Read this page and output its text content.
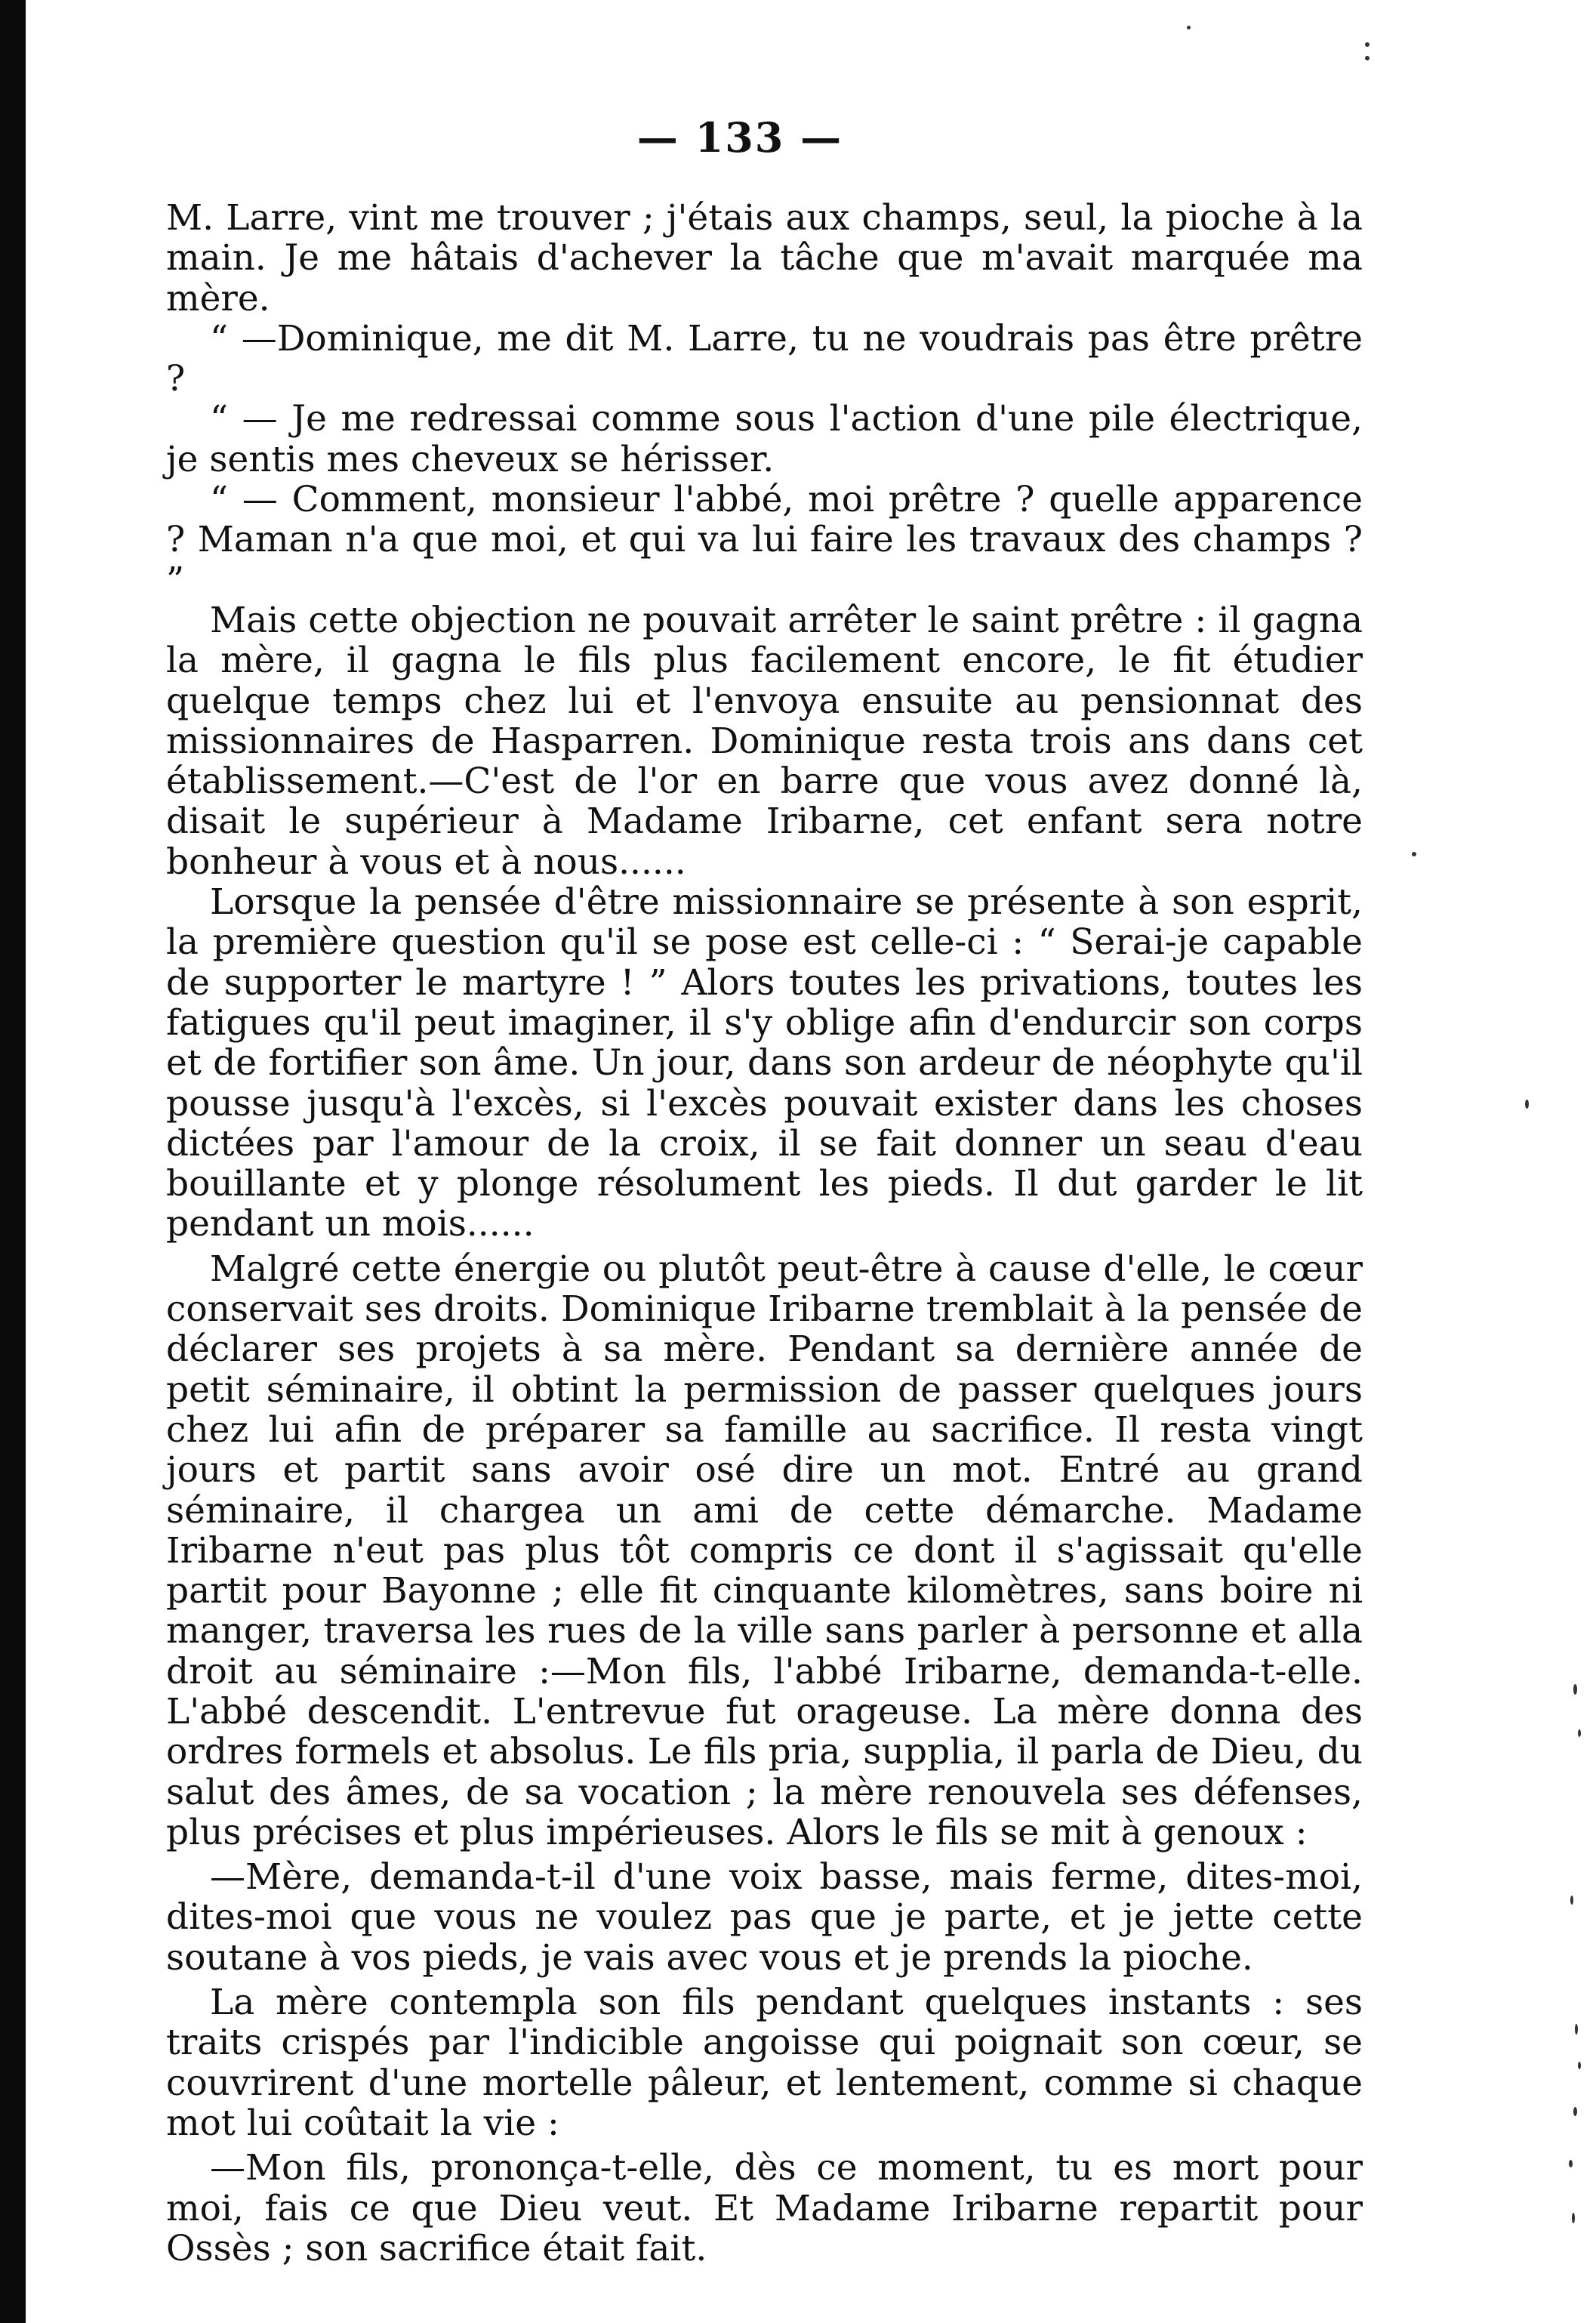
— 133 —

M. Larre, vint me trouver ; j'étais aux champs, seul, la pioche à la main. Je me hâtais d'achever la tâche que m'avait marquée ma mère.

“ —Dominique, me dit M. Larre, tu ne voudrais pas être prêtre ?

“ — Je me redressai comme sous l'action d'une pile électrique, je sentis mes cheveux se hérisser.

“ — Comment, monsieur l'abbé, moi prêtre ? quelle apparence ? Maman n'a que moi, et qui va lui faire les travaux des champs ? ”

Mais cette objection ne pouvait arrêter le saint prêtre : il gagna la mère, il gagna le fils plus facilement encore, le fit étudier quelque temps chez lui et l'envoya ensuite au pensionnat des missionnaires de Hasparren. Dominique resta trois ans dans cet établissement.—C'est de l'or en barre que vous avez donné là, disait le supérieur à Madame Iribarne, cet enfant sera notre bonheur à vous et à nous......

Lorsque la pensée d'être missionnaire se présente à son esprit, la première question qu'il se pose est celle-ci : “ Serai-je capable de supporter le martyre ! ” Alors toutes les privations, toutes les fatigues qu'il peut imaginer, il s'y oblige afin d'endurcir son corps et de fortifier son âme. Un jour, dans son ardeur de néophyte qu'il pousse jusqu'à l'excès, si l'excès pouvait exister dans les choses dictées par l'amour de la croix, il se fait donner un seau d'eau bouillante et y plonge résolument les pieds. Il dut garder le lit pendant un mois......

Malgré cette énergie ou plutôt peut-être à cause d'elle, le cœur conservait ses droits. Dominique Iribarne tremblait à la pensée de déclarer ses projets à sa mère. Pendant sa dernière année de petit séminaire, il obtint la permission de passer quelques jours chez lui afin de préparer sa famille au sacrifice. Il resta vingt jours et partit sans avoir osé dire un mot. Entré au grand séminaire, il chargea un ami de cette démarche. Madame Iribarne n'eut pas plus tôt compris ce dont il s'agissait qu'elle partit pour Bayonne ; elle fit cinquante kilomètres, sans boire ni manger, traversa les rues de la ville sans parler à personne et alla droit au séminaire :—Mon fils, l'abbé Iribarne, demanda-t-elle. L'abbé descendit. L'entrevue fut orageuse. La mère donna des ordres formels et absolus. Le fils pria, supplia, il parla de Dieu, du salut des âmes, de sa vocation ; la mère renouvela ses défenses, plus précises et plus impérieuses. Alors le fils se mit à genoux :

—Mère, demanda-t-il d'une voix basse, mais ferme, dites-moi, dites-moi que vous ne voulez pas que je parte, et je jette cette soutane à vos pieds, je vais avec vous et je prends la pioche.

La mère contempla son fils pendant quelques instants : ses traits crispés par l'indicible angoisse qui poignait son cœur, se couvrirent d'une mortelle pâleur, et lentement, comme si chaque mot lui coûtait la vie :

—Mon fils, prononça-t-elle, dès ce moment, tu es mort pour moi, fais ce que Dieu veut. Et Madame Iribarne repartit pour Ossès ; son sacrifice était fait.
